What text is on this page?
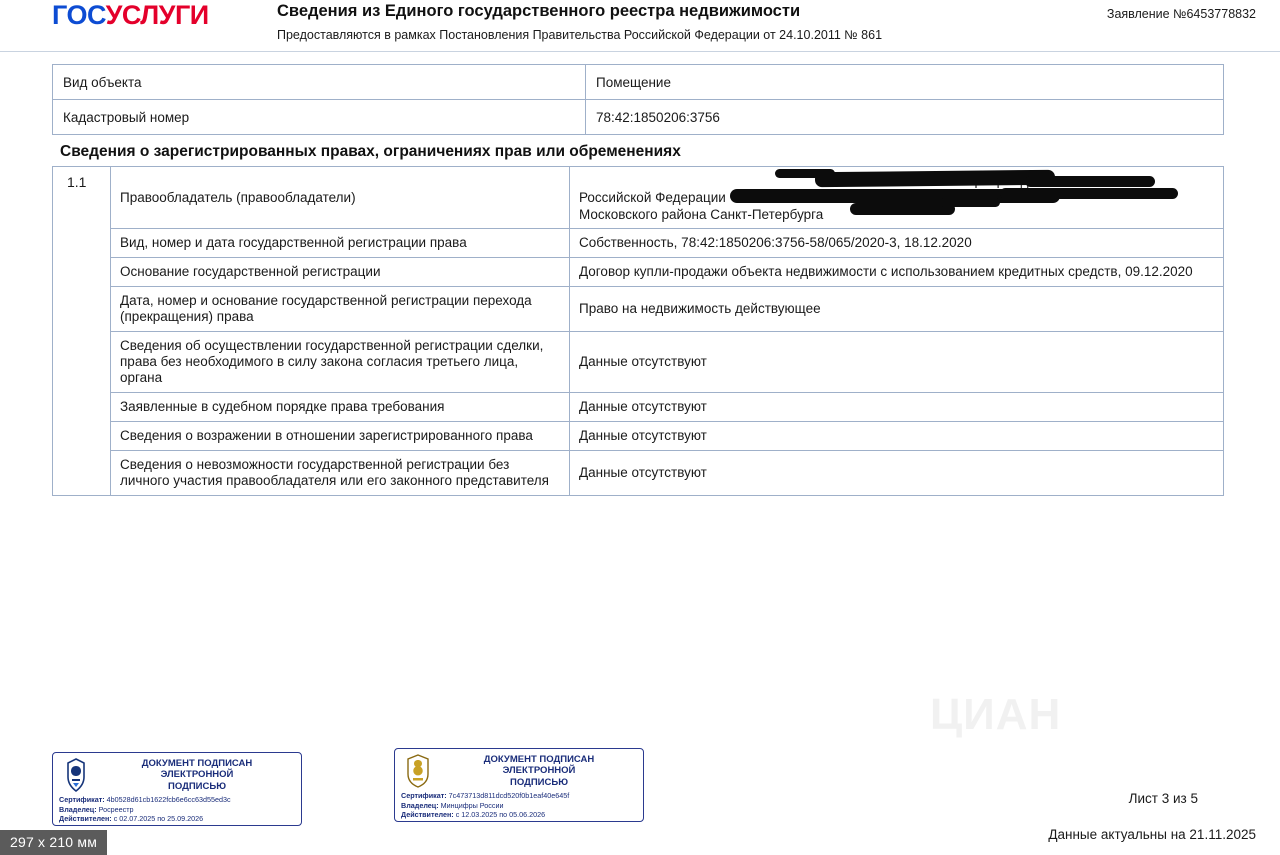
ГОСУСЛУГИ	Сведения из Единого государственного реестра недвижимости
Предоставляются в рамках Постановления Правительства Российской Федерации от 24.10.2011 № 861
Заявление №6453778832
Вид объекта	Помещение
Кадастровый номер	78:42:1850206:3756
Сведения о зарегистрированных правах, ограничениях прав или обременениях
1.1
Правообладатель (правообладатели)	Российской Федерации
Московского района Санкт-Петербурга

Вид, номер и дата государственной регистрации права	Собственность, 78:42:1850206:3756-58/065/2020-3, 18.12.2020
Основание государственной регистрации	Договор купли-продажи объекта недвижимости с использованием кредитных средств, 09.12.2020
Дата, номер и основание государственной регистрации перехода (прекращения) права	Право на недвижимость действующее
Сведения об осуществлении государственной регистрации сделки, права без необходимого в силу закона согласия третьего лица, органа	Данные отсутствуют
Заявленные в судебном порядке права требования	Данные отсутствуют
Сведения о возражении в отношении зарегистрированного права	Данные отсутствуют
Сведения о невозможности государственной регистрации без личного участия правообладателя или его законного представителя	Данные отсутствуют
ЦИАН
ДОКУМЕНТ ПОДПИСАН
ЭЛЕКТРОННОЙ
ПОДПИСЬЮ
Сертификат: 4b0528d61cb1622fcb6e6cc63d55ed3c
Владелец: Росреестр
Действителен: с 02.07.2025 по 25.09.2026
ДОКУМЕНТ ПОДПИСАН
ЭЛЕКТРОННОЙ
ПОДПИСЬЮ
Сертификат: 7c473713d811dcd520f0b1eaf40e645f
Владелец: Минцифры России
Действителен: с 12.03.2025 по 05.06.2026
Лист 3 из 5
Данные актуальны на 21.11.2025
297 x 210 мм
